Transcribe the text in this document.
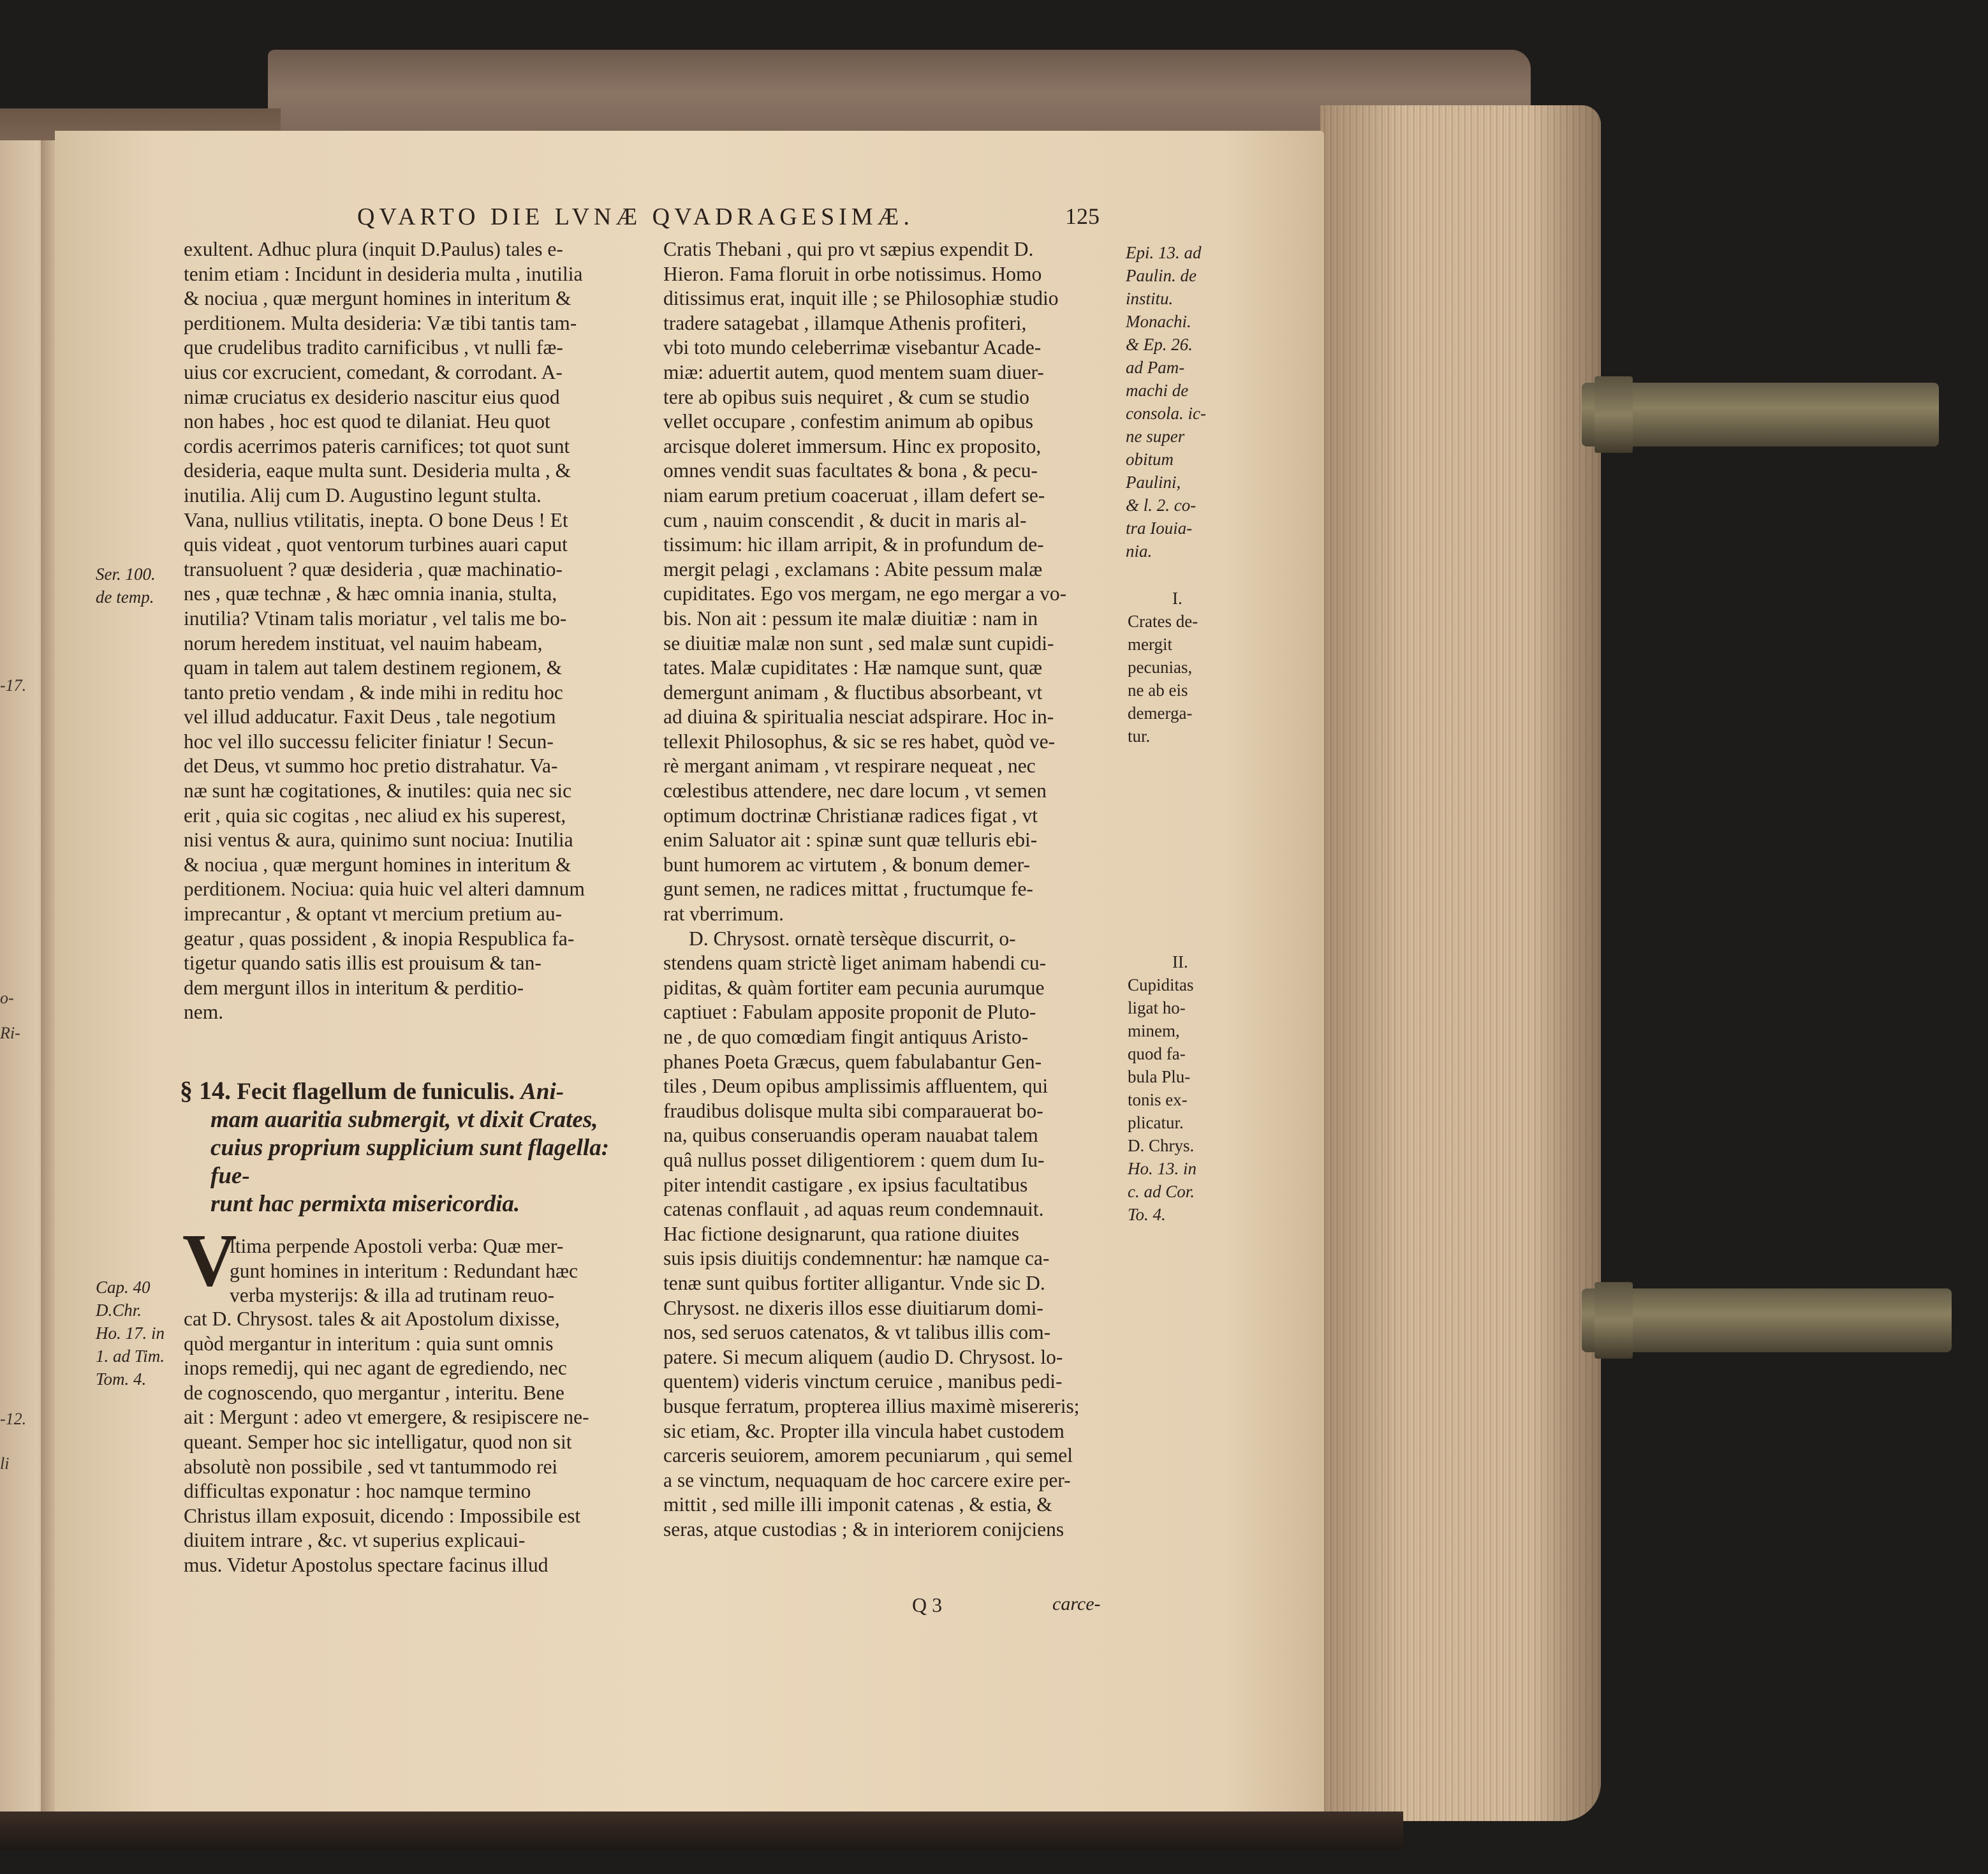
-17.
o-
Ri-
-12.
li
QVARTO DIE LVNÆ QVADRAGESIMÆ.	125
exultent. Adhuc plura (inquit D.Paulus) tales e-
tenim etiam : Incidunt in desideria multa , inutilia
& nociua , quæ mergunt homines in interitum &
perditionem. Multa desideria: Væ tibi tantis tam-
que crudelibus tradito carnificibus , vt nulli fæ-
uius cor excrucient, comedant, & corrodant. A-
nimæ cruciatus ex desiderio nascitur eius quod
non habes , hoc est quod te dilaniat. Heu quot
cordis acerrimos pateris carnifices; tot quot sunt
desideria, eaque multa sunt. Desideria multa , &
inutilia. Alij cum D. Augustino legunt stulta.
Vana, nullius vtilitatis, inepta. O bone Deus ! Et
quis videat , quot ventorum turbines auari caput
transuoluent ? quæ desideria , quæ machinatio-
nes , quæ technæ , & hæc omnia inania, stulta,
inutilia? Vtinam talis moriatur , vel talis me bo-
norum heredem instituat, vel nauim habeam,
quam in talem aut talem destinem regionem, &
tanto pretio vendam , & inde mihi in reditu hoc
vel illud adducatur. Faxit Deus , tale negotium
hoc vel illo successu feliciter finiatur ! Secun-
det Deus, vt summo hoc pretio distrahatur. Va-
næ sunt hæ cogitationes, & inutiles: quia nec sic
erit , quia sic cogitas , nec aliud ex his superest,
nisi ventus & aura, quinimo sunt nociua: Inutilia
& nociua , quæ mergunt homines in interitum &
perditionem. Nociua: quia huic vel alteri damnum
imprecantur , & optant vt mercium pretium au-
geatur , quas possident , & inopia Respublica fa-
tigetur quando satis illis est prouisum & tan-
dem mergunt illos in interitum & perditio-
nem.
§ 14. Fecit flagellum de funiculis. Ani-
mam auaritia submergit, vt dixit Crates,
cuius proprium supplicium sunt flagella: fue-
runt hac permixta misericordia.
V
ltima perpende Apostoli verba: Quæ mer-
gunt homines in interitum : Redundant hæc
verba mysterijs: & illa ad trutinam reuo-
cat D. Chrysost. tales & ait Apostolum dixisse,
quòd mergantur in interitum : quia sunt omnis
inops remedij, qui nec agant de egrediendo, nec
de cognoscendo, quo mergantur , interitu. Bene
ait : Mergunt : adeo vt emergere, & resipiscere ne-
queant. Semper hoc sic intelligatur, quod non sit
absolutè non possibile , sed vt tantummodo rei
difficultas exponatur : hoc namque termino
Christus illam exposuit, dicendo : Impossibile est
diuitem intrare , &c. vt superius explicaui-
mus. Videtur Apostolus spectare facinus illud
Cratis Thebani , qui pro vt sæpius expendit D.
Hieron. Fama floruit in orbe notissimus. Homo
ditissimus erat, inquit ille ; se Philosophiæ studio
tradere satagebat , illamque Athenis profiteri,
vbi toto mundo celeberrimæ visebantur Acade-
miæ: aduertit autem, quod mentem suam diuer-
tere ab opibus suis nequiret , & cum se studio
vellet occupare , confestim animum ab opibus
arcisque doleret immersum. Hinc ex proposito,
omnes vendit suas facultates & bona , & pecu-
niam earum pretium coaceruat , illam defert se-
cum , nauim conscendit , & ducit in maris al-
tissimum: hic illam arripit, & in profundum de-
mergit pelagi , exclamans : Abite pessum malæ
cupiditates. Ego vos mergam, ne ego mergar a vo-
bis. Non ait : pessum ite malæ diuitiæ : nam in
se diuitiæ malæ non sunt , sed malæ sunt cupidi-
tates. Malæ cupiditates : Hæ namque sunt, quæ
demergunt animam , & fluctibus absorbeant, vt
ad diuina & spiritualia nesciat adspirare. Hoc in-
tellexit Philosophus, & sic se res habet, quòd ve-
rè mergant animam , vt respirare nequeat , nec
cœlestibus attendere, nec dare locum , vt semen
optimum doctrinæ Christianæ radices figat , vt
enim Saluator ait : spinæ sunt quæ telluris ebi-
bunt humorem ac virtutem , & bonum demer-
gunt semen, ne radices mittat , fructumque fe-
rat vberrimum.
D. Chrysost. ornatè tersèque discurrit, o-
stendens quam strictè liget animam habendi cu-
piditas, & quàm fortiter eam pecunia aurumque
captiuet : Fabulam apposite proponit de Pluto-
ne , de quo comœdiam fingit antiquus Aristo-
phanes Poeta Græcus, quem fabulabantur Gen-
tiles , Deum opibus amplissimis affluentem, qui
fraudibus dolisque multa sibi comparauerat bo-
na, quibus conseruandis operam nauabat talem
quâ nullus posset diligentiorem : quem dum Iu-
piter intendit castigare , ex ipsius facultatibus
catenas conflauit , ad aquas reum condemnauit.
Hac fictione designarunt, qua ratione diuites
suis ipsis diuitijs condemnentur: hæ namque ca-
tenæ sunt quibus fortiter alligantur. Vnde sic D.
Chrysost. ne dixeris illos esse diuitiarum domi-
nos, sed seruos catenatos, & vt talibus illis com-
patere. Si mecum aliquem (audio D. Chrysost. lo-
quentem) videris vinctum ceruice , manibus pedi-
busque ferratum, propterea illius maximè misereris;
sic etiam, &c. Propter illa vincula habet custodem
carceris seuiorem, amorem pecuniarum , qui semel
a se vinctum, nequaquam de hoc carcere exire per-
mittit , sed mille illi imponit catenas , & estia, &
seras, atque custodias ; & in interiorem conijciens
Ser. 100.
de temp.
Cap. 40
D.Chr.
Ho. 17. in
1. ad Tim.
Tom. 4.
Epi. 13. ad
Paulin. de
institu.
Monachi.
& Ep. 26.
ad Pam-
machi de
consola. ic-
ne super
obitum
Paulini,
& l. 2. co-
tra Iouia-
nia.
I.
Crates de-
mergit
pecunias,
ne ab eis
demerga-
tur.
II.
Cupiditas
ligat ho-
minem,
quod fa-
bula Plu-
tonis ex-
plicatur.
D. Chrys.
Ho. 13. in
c. ad Cor.
To. 4.
Q 3	carce-
